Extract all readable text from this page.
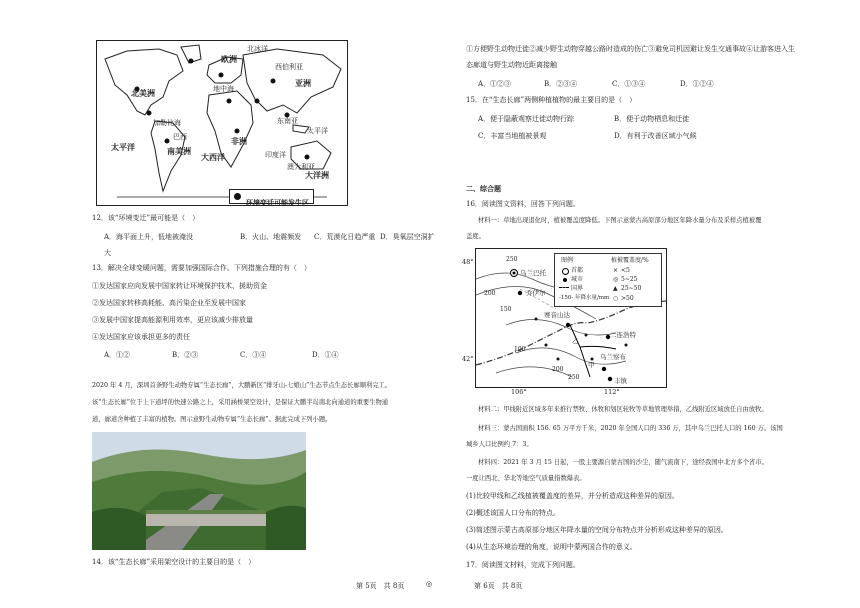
北美洲
欧洲
亚洲
非洲
南美洲
大洋洲
太平洋
太平洋
大西洋	印度洋
北冰洋
西伯利亚
地中海
加勒比海	东南亚
巴西
澳大利亚
环境变迁可能发生区
12．该“环境变迁”最可能是（　）
A．海平面上升，低地被淹没	B．火山、地震频发 C．荒漠化日趋严重 D．臭氧层空洞扩
大
13．解决全球变暖问题，需要加强国际合作。下列措施合理的有（　）
①发达国家应向发展中国家转让环境保护技术、援助资金
②发达国家转移高耗能、高污染企业至发展中国家
③发展中国家提高能源利用效率，更应该减少排放量
④发达国家应该承担更多的责任
A．①②	B．②③	C．③④	D．①④
2020 年 4 月，深圳首条野生动物专属“生态长廊”，大鹏新区“排牙山-七娘山”生态节点生态长廊顺利完工。
该“生态长廊”位于上下道坪的快速公路之上，采用涵桥架空设计，是保证大鹏半岛南北向通道的重要生物通
道，廊道舍种植了丰富的植物。图示意野生动物专属“生态长廊”。据此完成下列小题。
14．该“生态长廊”采用架空设计的主要目的是（　）
①方便野生动物迁徙②减少野生动物穿越公路时造成的伤亡③避免司机因避让发生交通事故④让游客进入生
态廊道与野生动物近距离接触
A．①②③	B．②③④	C．①③④	D．①②④
15．在“生态长廊”两侧种植植物的最主要目的是（　）
A．便于隐蔽观察迁徙动物行踪	B．便于动物栖息和迁徙
C．丰富当地植被景观	D．有利于改善区域小气候
二、综合题
16．阅读图文资料，回答下列问题。
材料一：草地出现退化时，植被覆盖度降低。下图示意蒙古高原部分地区年降水量分布及采样点植被覆
盖度。
250
200
150
100
200
250
乌兰巴托
乔伊尔
赛音山达
二连浩特
乌兰察布
丰镇
甲
乙
图例	植被覆盖度/%
首都
城市
国界
-150- 年降水量/mm
× <5
◎ 5~25
▲ 25~50
○ >50
48°
42°
106°	112°
材料二：甲线附近区域多年来推行禁牧、休牧和划区轮牧等草地管理举措，乙线附近区域放任自由放牧。
材料三：蒙古国面积 156. 65 万平方千米，2020 年全国人口的 336 万，其中乌兰巴托人口的 160 万。该国
城乡人口比例约 7：3。
材料四：2021 年 3 月 15 日起，一股主要源自蒙古国的沙尘，随气流南下，途经我国中北方多个省市。
一度让西北、华北等地空气质量指数爆表。
(1)比较甲线和乙线植被覆盖度的差异，并分析造成这种差异的原因。
(2)概述该国人口分布的特点。
(3)简述图示蒙古高原部分地区年降水量的空间分布特点并分析形成这种差异的原因。
(4)从生态环境治理的角度，说明中蒙两国合作的意义。
17．阅读图文材料，完成下列问题。
第 5页　共 8页	◎	第 6页　共 8页
